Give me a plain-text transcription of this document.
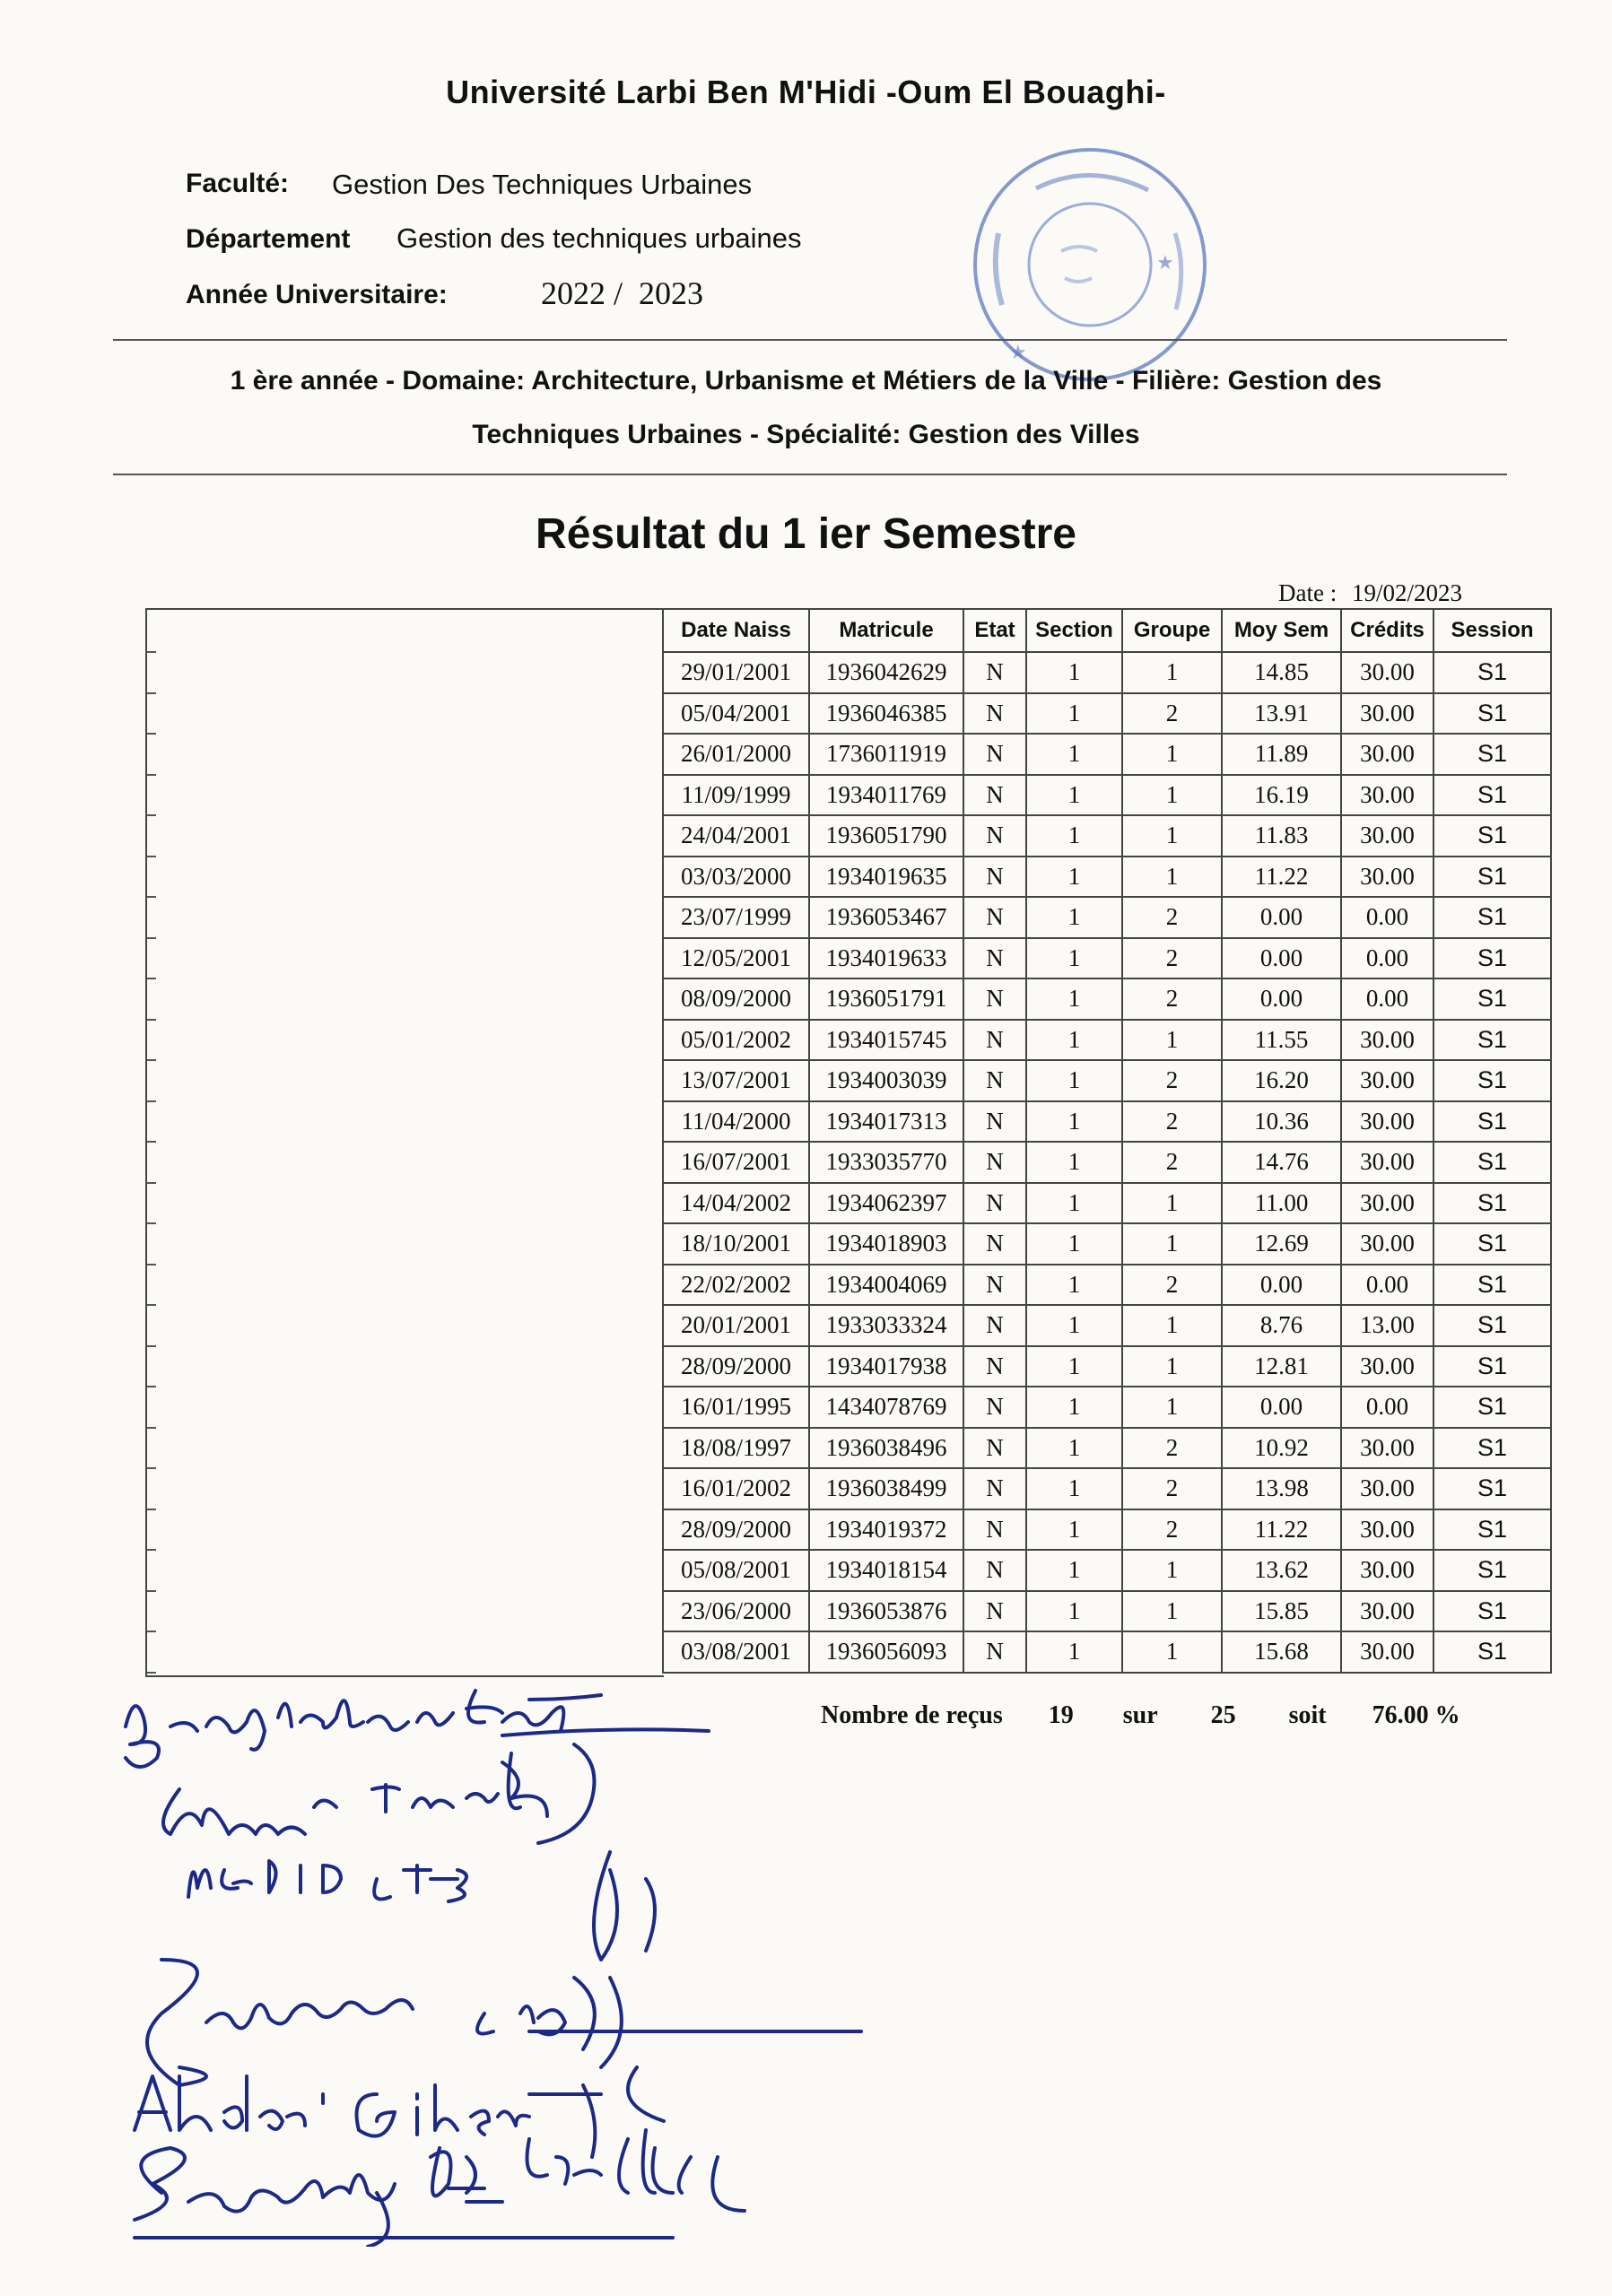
Université Larbi Ben M'Hidi -Oum El Bouaghi-
Faculté: Gestion Des Techniques Urbaines
Département Gestion des techniques urbaines
Année Universitaire:	2022 /  2023
★
★
1 ère année - Domaine: Architecture, Urbanisme et Métiers de la Ville - Filière: Gestion des
Techniques Urbaines - Spécialité: Gestion des Villes
Résultat du 1 ier Semestre
Date : 19/02/2023
Date Naiss	Matricule	Etat	Section	Groupe	Moy Sem	Crédits	Session
29/01/2001	1936042629	N	1	1	14.85	30.00	S1
05/04/2001	1936046385	N	1	2	13.91	30.00	S1
26/01/2000	1736011919	N	1	1	11.89	30.00	S1
11/09/1999	1934011769	N	1	1	16.19	30.00	S1
24/04/2001	1936051790	N	1	1	11.83	30.00	S1
03/03/2000	1934019635	N	1	1	11.22	30.00	S1
23/07/1999	1936053467	N	1	2	0.00	0.00	S1
12/05/2001	1934019633	N	1	2	0.00	0.00	S1
08/09/2000	1936051791	N	1	2	0.00	0.00	S1
05/01/2002	1934015745	N	1	1	11.55	30.00	S1
13/07/2001	1934003039	N	1	2	16.20	30.00	S1
11/04/2000	1934017313	N	1	2	10.36	30.00	S1
16/07/2001	1933035770	N	1	2	14.76	30.00	S1
14/04/2002	1934062397	N	1	1	11.00	30.00	S1
18/10/2001	1934018903	N	1	1	12.69	30.00	S1
22/02/2002	1934004069	N	1	2	0.00	0.00	S1
20/01/2001	1933033324	N	1	1	8.76	13.00	S1
28/09/2000	1934017938	N	1	1	12.81	30.00	S1
16/01/1995	1434078769	N	1	1	0.00	0.00	S1
18/08/1997	1936038496	N	1	2	10.92	30.00	S1
16/01/2002	1936038499	N	1	2	13.98	30.00	S1
28/09/2000	1934019372	N	1	2	11.22	30.00	S1
05/08/2001	1934018154	N	1	1	13.62	30.00	S1
23/06/2000	1936053876	N	1	1	15.85	30.00	S1
03/08/2001	1936056093	N	1	1	15.68	30.00	S1
Nombre de reçus 19 sur 25 soit 76.00 %
